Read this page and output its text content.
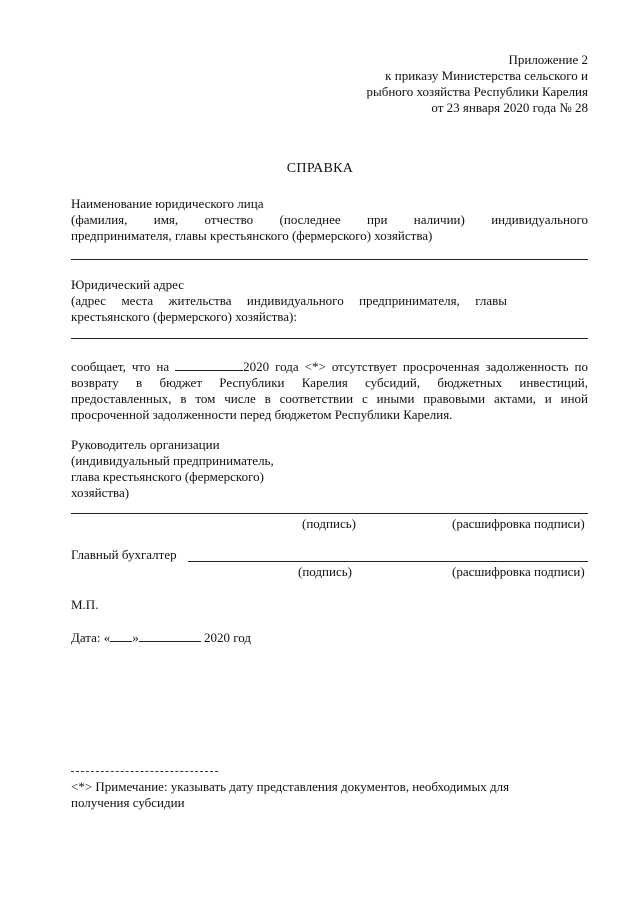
Приложение 2
к приказу Министерства сельского и
рыбного хозяйства Республики Карелия
от 23 января 2020 года № 28
СПРАВКА
Наименование юридического лица
(фамилия, имя, отчество (последнее при наличии) индивидуального
предпринимателя, главы крестьянского (фермерского) хозяйства)
Юридический адрес
(адрес места жительства индивидуального предпринимателя, главы
крестьянского (фермерского) хозяйства):
сообщает, что на	2020 года <*> отсутствует просроченная задолженность по
возврату в бюджет Республики Карелия субсидий, бюджетных инвестиций,
предоставленных, в том числе в соответствии с иными правовыми актами, и иной
просроченной задолженности перед бюджетом Республики Карелия.
Руководитель организации
(индивидуальный предприниматель,
глава крестьянского (фермерского)
хозяйства)
(подпись)	(расшифровка подписи)
Главный бухгалтер
(подпись)	(расшифровка подписи)
М.П.
Дата: « »	2020 год
<*> Примечание: указывать дату представления документов, необходимых для
получения субсидии
